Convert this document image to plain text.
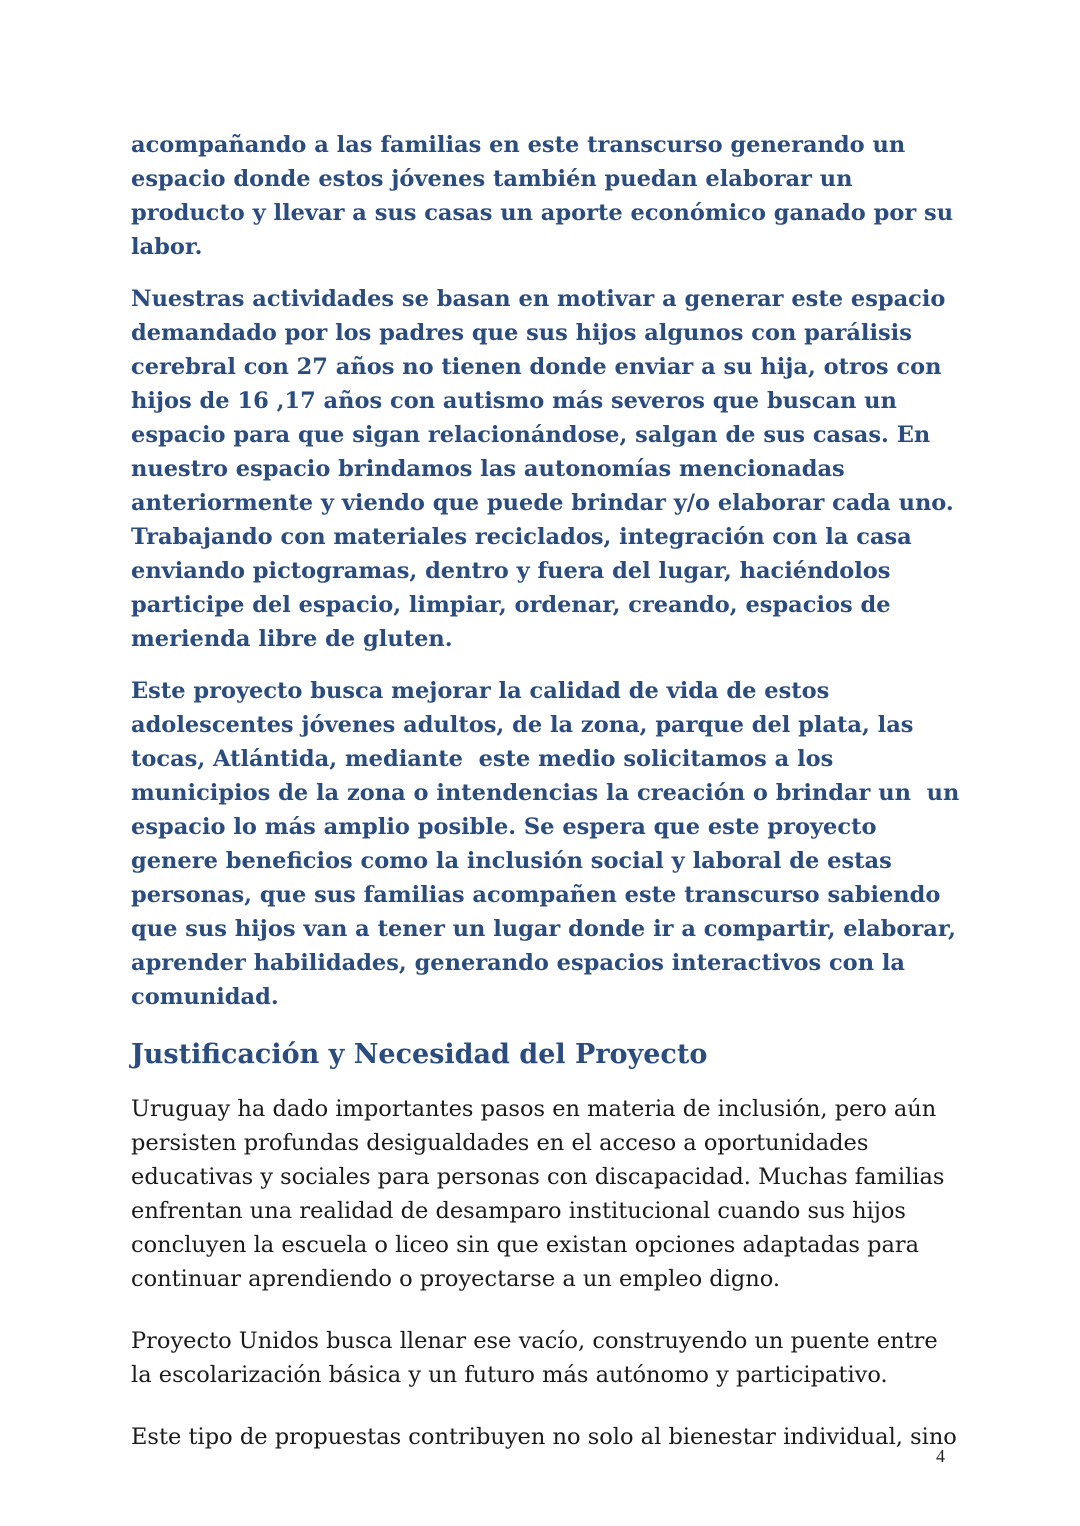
acompañando a las familias en este transcurso generando un espacio donde estos jóvenes también puedan elaborar un producto y llevar a sus casas un aporte económico ganado por su labor.

Nuestras actividades se basan en motivar a generar este espacio demandado por los padres que sus hijos algunos con parálisis cerebral con 27 años no tienen donde enviar a su hija, otros con hijos de 16 ,17 años con autismo más severos que buscan un espacio para que sigan relacionándose, salgan de sus casas. En nuestro espacio brindamos las autonomías mencionadas anteriormente y viendo que puede brindar y/o elaborar cada uno. Trabajando con materiales reciclados, integración con la casa enviando pictogramas, dentro y fuera del lugar, haciéndolos participe del espacio, limpiar, ordenar, creando, espacios de merienda libre de gluten.

Este proyecto busca mejorar la calidad de vida de estos adolescentes jóvenes adultos, de la zona, parque del plata, las tocas, Atlántida, mediante  este medio solicitamos a los municipios de la zona o intendencias la creación o brindar un  un espacio lo más amplio posible. Se espera que este proyecto genere beneficios como la inclusión social y laboral de estas personas, que sus familias acompañen este transcurso sabiendo que sus hijos van a tener un lugar donde ir a compartir, elaborar, aprender habilidades, generando espacios interactivos con la comunidad.

Justificación y Necesidad del Proyecto

Uruguay ha dado importantes pasos en materia de inclusión, pero aún persisten profundas desigualdades en el acceso a oportunidades educativas y sociales para personas con discapacidad. Muchas familias enfrentan una realidad de desamparo institucional cuando sus hijos concluyen la escuela o liceo sin que existan opciones adaptadas para continuar aprendiendo o proyectarse a un empleo digno.

Proyecto Unidos busca llenar ese vacío, construyendo un puente entre la escolarización básica y un futuro más autónomo y participativo.

Este tipo de propuestas contribuyen no solo al bienestar individual, sino

4
